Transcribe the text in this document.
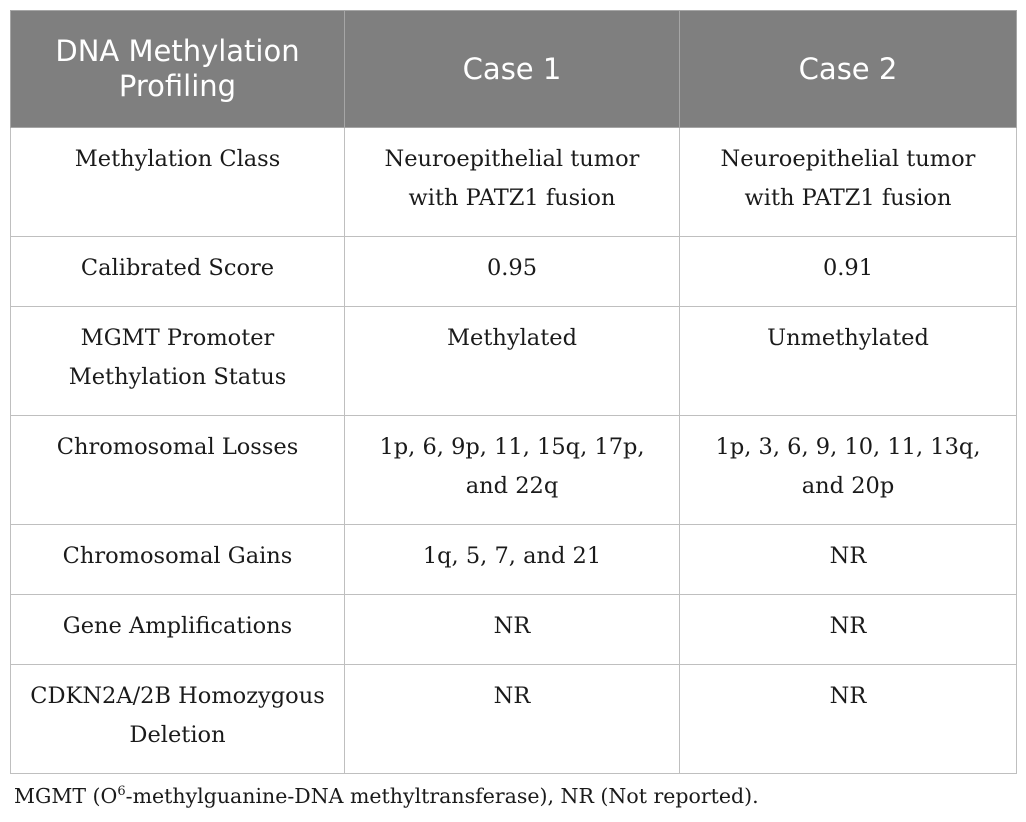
DNA Methylation Profiling	Case 1	Case 2
Methylation Class	Neuroepithelial tumor with PATZ1 fusion	Neuroepithelial tumor with PATZ1 fusion
Calibrated Score	0.95	0.91
MGMT Promoter Methylation Status	Methylated	Unmethylated
Chromosomal Losses	1p, 6, 9p, 11, 15q, 17p, and 22q	1p, 3, 6, 9, 10, 11, 13q, and 20p
Chromosomal Gains	1q, 5, 7, and 21	NR
Gene Amplifications	NR	NR
CDKN2A/2B Homozygous Deletion	NR	NR
MGMT ($O^6-methylguanine$-DNA methyltransferase), NR (Not reported).
